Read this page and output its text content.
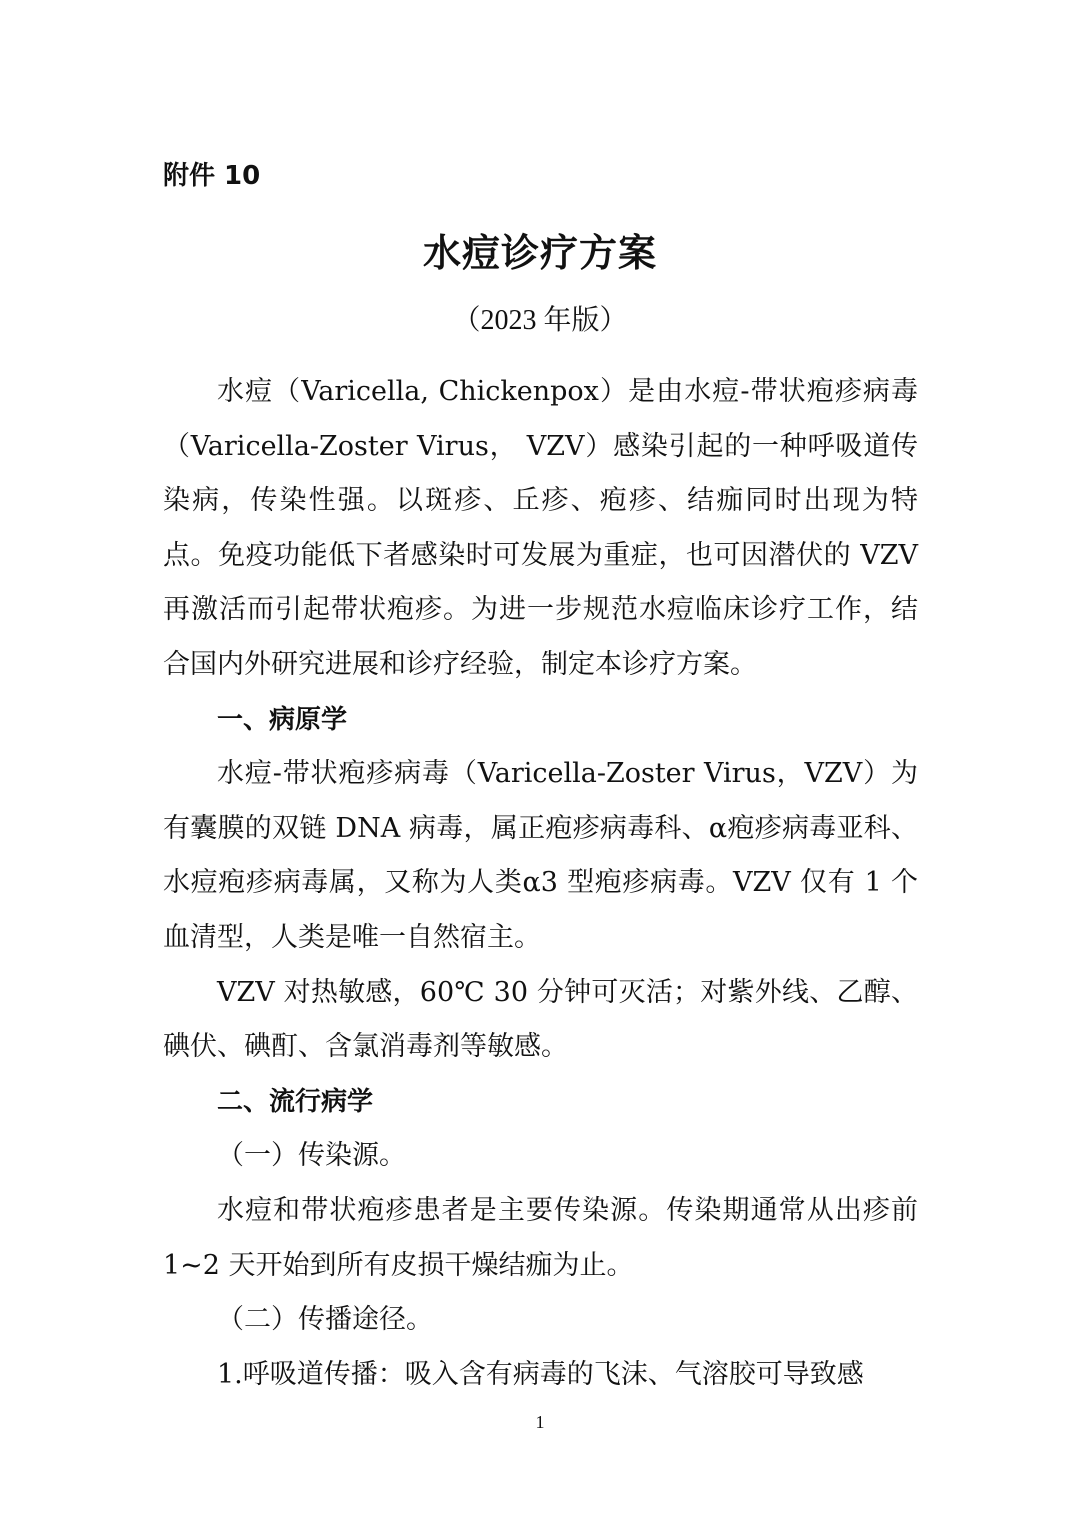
附件 10
水痘诊疗方案
（2023 年版）

水痘（Varicella, Chickenpox）是由水痘-带状疱疹病毒（Varicella-Zoster Virus， VZV）感染引起的一种呼吸道传染病，传染性强。以斑疹、丘疹、疱疹、结痂同时出现为特点。免疫功能低下者感染时可发展为重症，也可因潜伏的 VZV 再激活而引起带状疱疹。为进一步规范水痘临床诊疗工作，结合国内外研究进展和诊疗经验，制定本诊疗方案。

一、病原学

水痘-带状疱疹病毒（Varicella-Zoster Virus，VZV）为有囊膜的双链 DNA 病毒，属正疱疹病毒科、α疱疹病毒亚科、水痘疱疹病毒属，又称为人类α3 型疱疹病毒。VZV 仅有 1 个血清型，人类是唯一自然宿主。

VZV 对热敏感，60℃ 30 分钟可灭活；对紫外线、乙醇、碘伏、碘酊、含氯消毒剂等敏感。

二、流行病学

（一）传染源。

水痘和带状疱疹患者是主要传染源。传染期通常从出疹前 1~2 天开始到所有皮损干燥结痂为止。

（二）传播途径。

1.呼吸道传播：吸入含有病毒的飞沫、气溶胶可导致感

1
